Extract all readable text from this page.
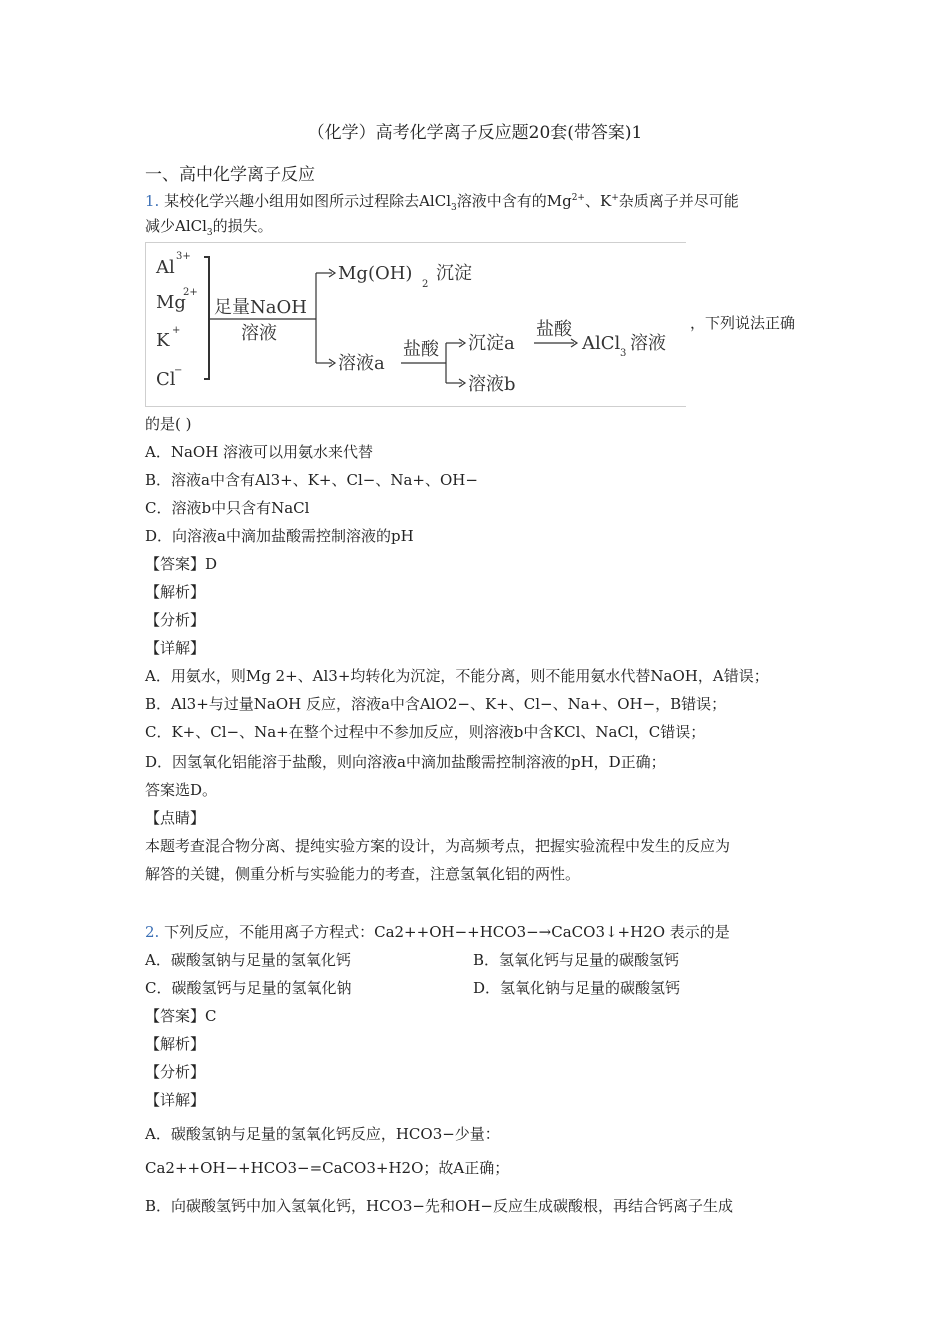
（化学）高考化学离子反应题20套(带答案)1
一、高中化学离子反应
1. 某校化学兴趣小组用如图所示过程除去AlCl$_3$溶液中含有的$Mg^{2+}$、K+杂质离子并尽可能
减少AlCl$_3$的损失。
Al
3+
Mg
2+
K +
Cl
−
足量NaOH
溶液
Mg(OH)
2
沉淀
溶液a
盐酸 沉淀a
溶液b
盐酸
AlCl 3 溶液
，下列说法正确
的是( )
A．NaOH 溶液可以用氨水来代替
B．溶液a中含有Al3+、K+、Cl−、Na+、OH−
C．溶液b中只含有NaCl
D．向溶液a中滴加盐酸需控制溶液的pH
【答案】D
【解析】
【分析】
【详解】
A．用氨水，则Mg 2+、Al3+均转化为沉淀，不能分离，则不能用氨水代替NaOH，A错误；
B．Al3+与过量NaOH 反应，溶液a中含AlO2−、K+、Cl−、Na+、OH−，B错误；
C．K+、Cl−、Na+在整个过程中不参加反应，则溶液b中含KCl、NaCl，C错误；
D．因氢氧化铝能溶于盐酸，则向溶液a中滴加盐酸需控制溶液的pH，D正确；
答案选D。
【点睛】
本题考查混合物分离、提纯实验方案的设计，为高频考点，把握实验流程中发生的反应为
解答的关键，侧重分析与实验能力的考查，注意氢氧化铝的两性。
2. 下列反应，不能用离子方程式：Ca2++OH−+HCO3−→CaCO3↓+H2O 表示的是
A．碳酸氢钠与足量的氢氧化钙	B．氢氧化钙与足量的碳酸氢钙
C．碳酸氢钙与足量的氢氧化钠	D．氢氧化钠与足量的碳酸氢钙
【答案】C
【解析】
【分析】
【详解】
A．碳酸氢钠与足量的氢氧化钙反应，HCO3−少量：
Ca2++OH−+HCO3−=CaCO3+H2O；故A正确；
B．向碳酸氢钙中加入氢氧化钙，HCO3−先和OH−反应生成碳酸根，再结合钙离子生成
